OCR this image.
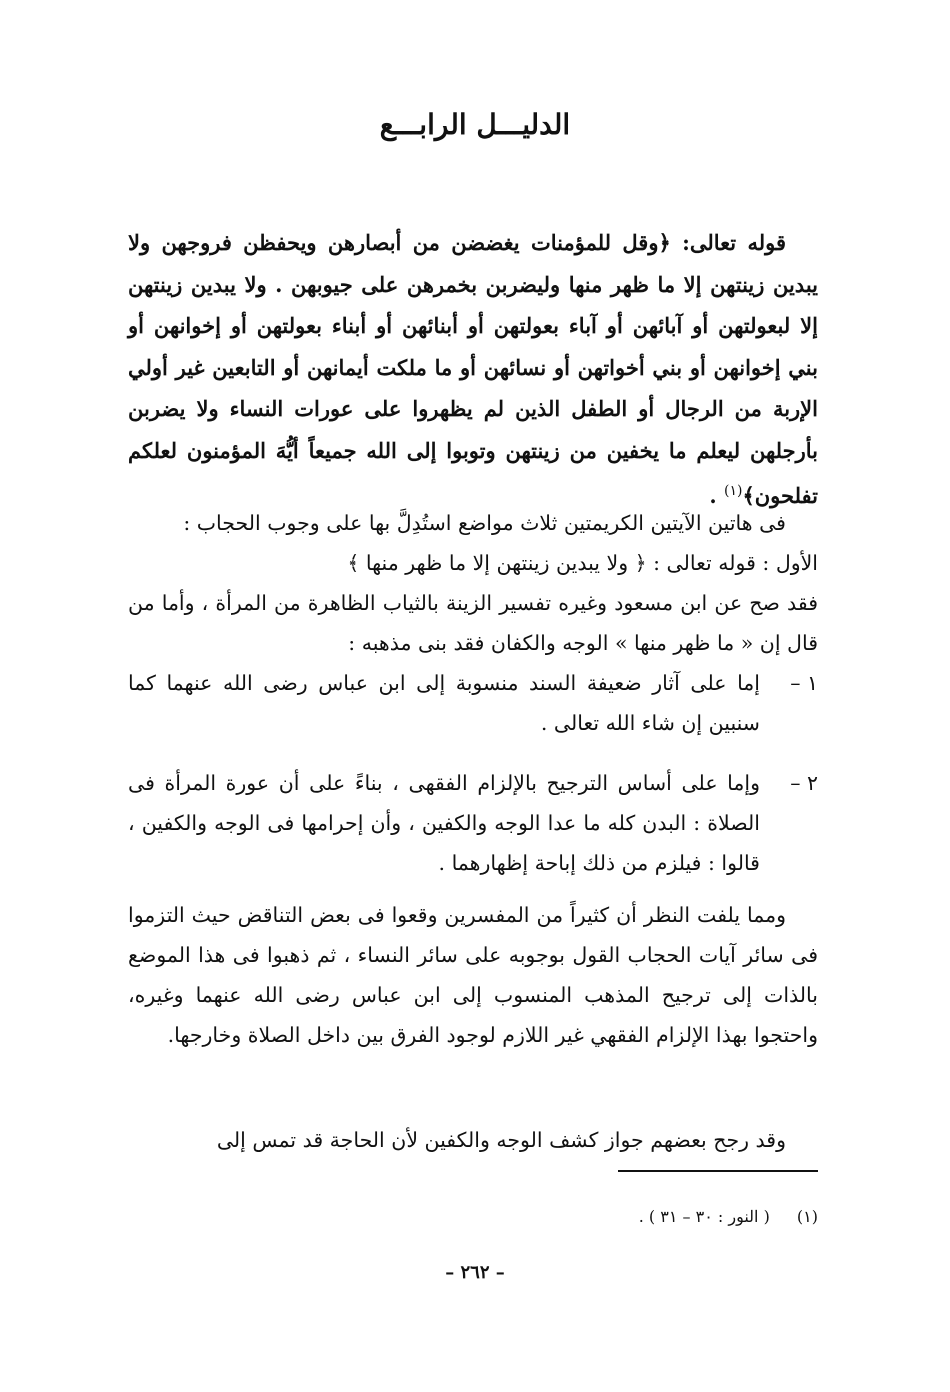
الدليـــل الرابـــع
قوله تعالى: ﴿وقل للمؤمنات يغضضن من أبصارهن ويحفظن فروجهن ولا يبدين زينتهن إلا ما ظهر منها وليضربن بخمرهن على جيوبهن . ولا يبدين زينتهن إلا لبعولتهن أو آبائهن أو آباء بعولتهن أو أبنائهن أو أبناء بعولتهن أو إخوانهن أو بني إخوانهن أو بني أخواتهن أو نسائهن أو ما ملكت أيمانهن أو التابعين غير أولي الإربة من الرجال أو الطفل الذين لم يظهروا على عورات النساء ولا يضربن بأرجلهن ليعلم ما يخفين من زينتهن وتوبوا إلى الله جميعاً أيُّهَ المؤمنون لعلكم تفلحون﴾$^{(١)}$ .
فى هاتين الآيتين الكريمتين ثلاث مواضع استُدِلَّ بها على وجوب الحجاب :
الأول : قوله تعالى : ﴿ ولا يبدين زينتهن إلا ما ظهر منها ﴾
فقد صح عن ابن مسعود وغيره تفسير الزينة بالثياب الظاهرة من المرأة ، وأما من قال إن « ما ظهر منها » الوجه والكفان فقد بنى مذهبه :
١ –
إما على آثار ضعيفة السند منسوبة إلى ابن عباس رضى الله عنهما كما سنبين إن شاء الله تعالى .
٢ –
وإما على أساس الترجيح بالإلزام الفقهى ، بناءً على أن عورة المرأة فى الصلاة : البدن كله ما عدا الوجه والكفين ، وأن إحرامها فى الوجه والكفين ، قالوا : فيلزم من ذلك إباحة إظهارهما .
ومما يلفت النظر أن كثيراً من المفسرين وقعوا فى بعض التناقض حيث التزموا فى سائر آيات الحجاب القول بوجوبه على سائر النساء ، ثم ذهبوا فى هذا الموضع بالذات إلى ترجيح المذهب المنسوب إلى ابن عباس رضى الله عنهما وغيره، واحتجوا بهذا الإلزام الفقهي غير اللازم لوجود الفرق بين داخل الصلاة وخارجها.
وقد رجح بعضهم جواز كشف الوجه والكفين لأن الحاجة قد تمس إلى
(١) ( النور : ٣٠ – ٣١ ) .
– ٢٦٢ –
